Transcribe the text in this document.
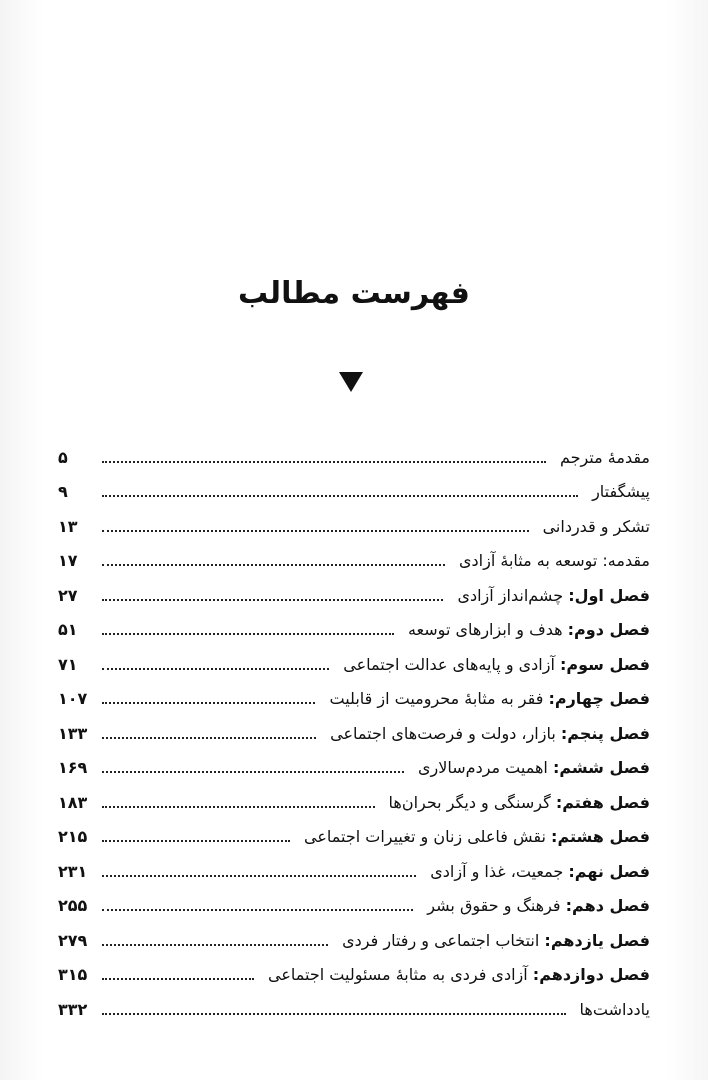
فهرست مطالب
مقدمهٔ مترجم
۵
پیشگفتار
۹
تشکر و قدردانی
۱۳
مقدمه: توسعه به مثابهٔ آزادی
۱۷
فصل اول: چشم‌انداز آزادی
۲۷
فصل دوم: هدف و ابزارهای توسعه
۵۱
فصل سوم: آزادی و پایه‌های عدالت اجتماعی
۷۱
فصل چهارم: فقر به مثابهٔ محرومیت از قابلیت
۱۰۷
فصل پنجم: بازار، دولت و فرصت‌های اجتماعی
۱۳۳
فصل ششم: اهمیت مردم‌سالاری
۱۶۹
فصل هفتم: گرسنگی و دیگر بحران‌ها
۱۸۳
فصل هشتم: نقش فاعلی زنان و تغییرات اجتماعی
۲۱۵
فصل نهم: جمعیت، غذا و آزادی
۲۳۱
فصل دهم: فرهنگ و حقوق بشر
۲۵۵
فصل یازدهم: انتخاب اجتماعی و رفتار فردی
۲۷۹
فصل دوازدهم: آزادی فردی به مثابهٔ مسئولیت اجتماعی
۳۱۵
یادداشت‌ها
۳۳۲
